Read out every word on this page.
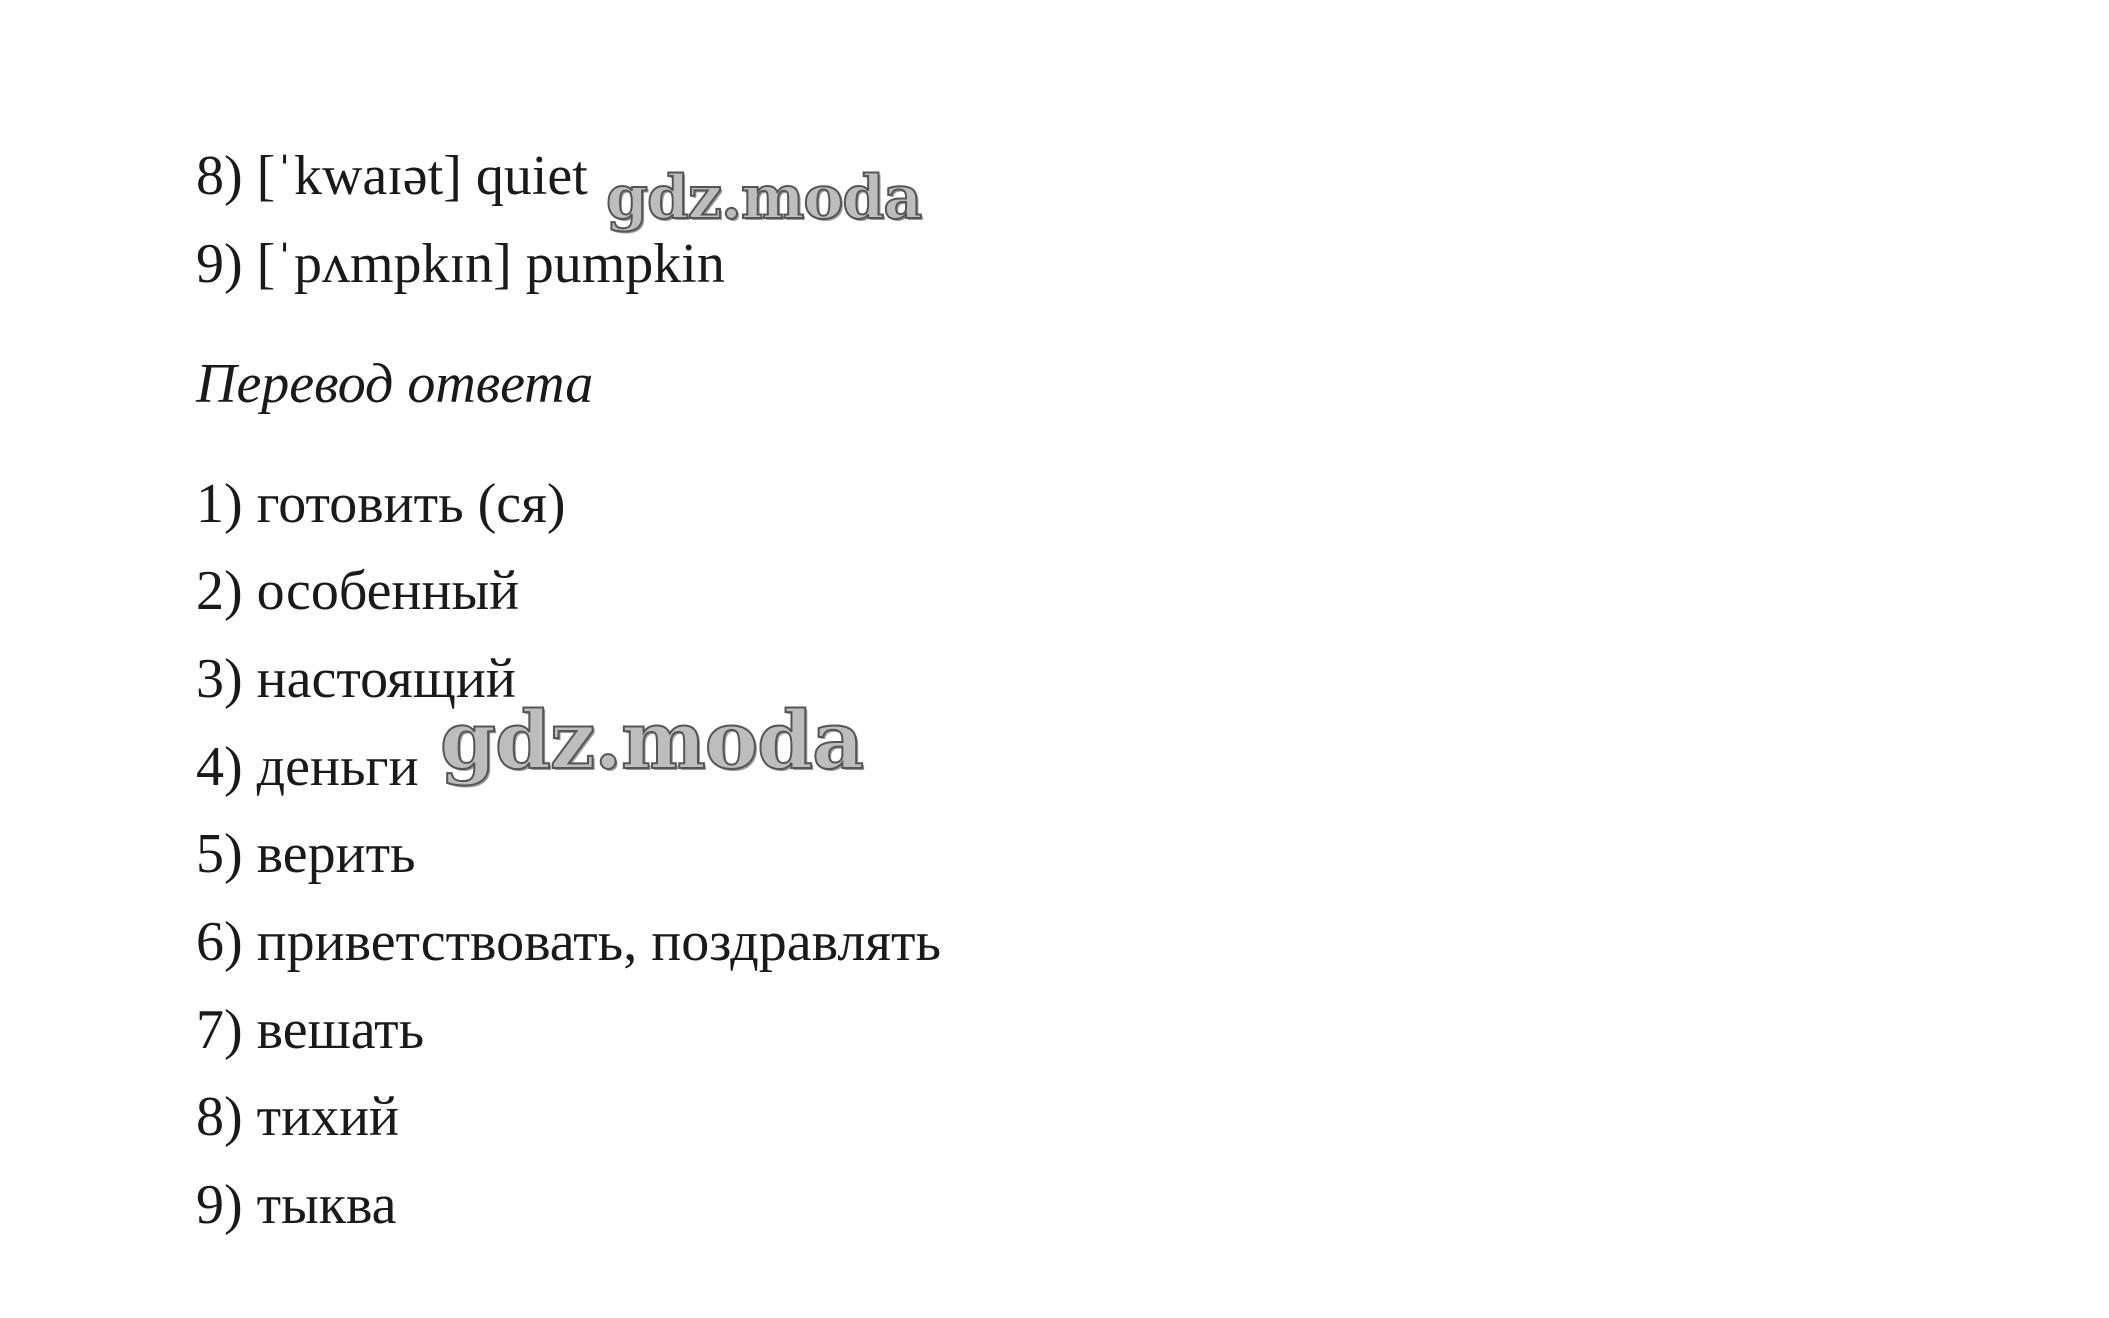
8) [ˈkwaɪət] quiet
9) [ˈpʌmpkɪn] pumpkin
Перевод ответа
1) готовить (ся)
2) особенный
3) настоящий
4) деньги
5) верить
6) приветствовать, поздравлять
7) вешать
8) тихий
9) тыква
gdz.moda
gdz.moda
